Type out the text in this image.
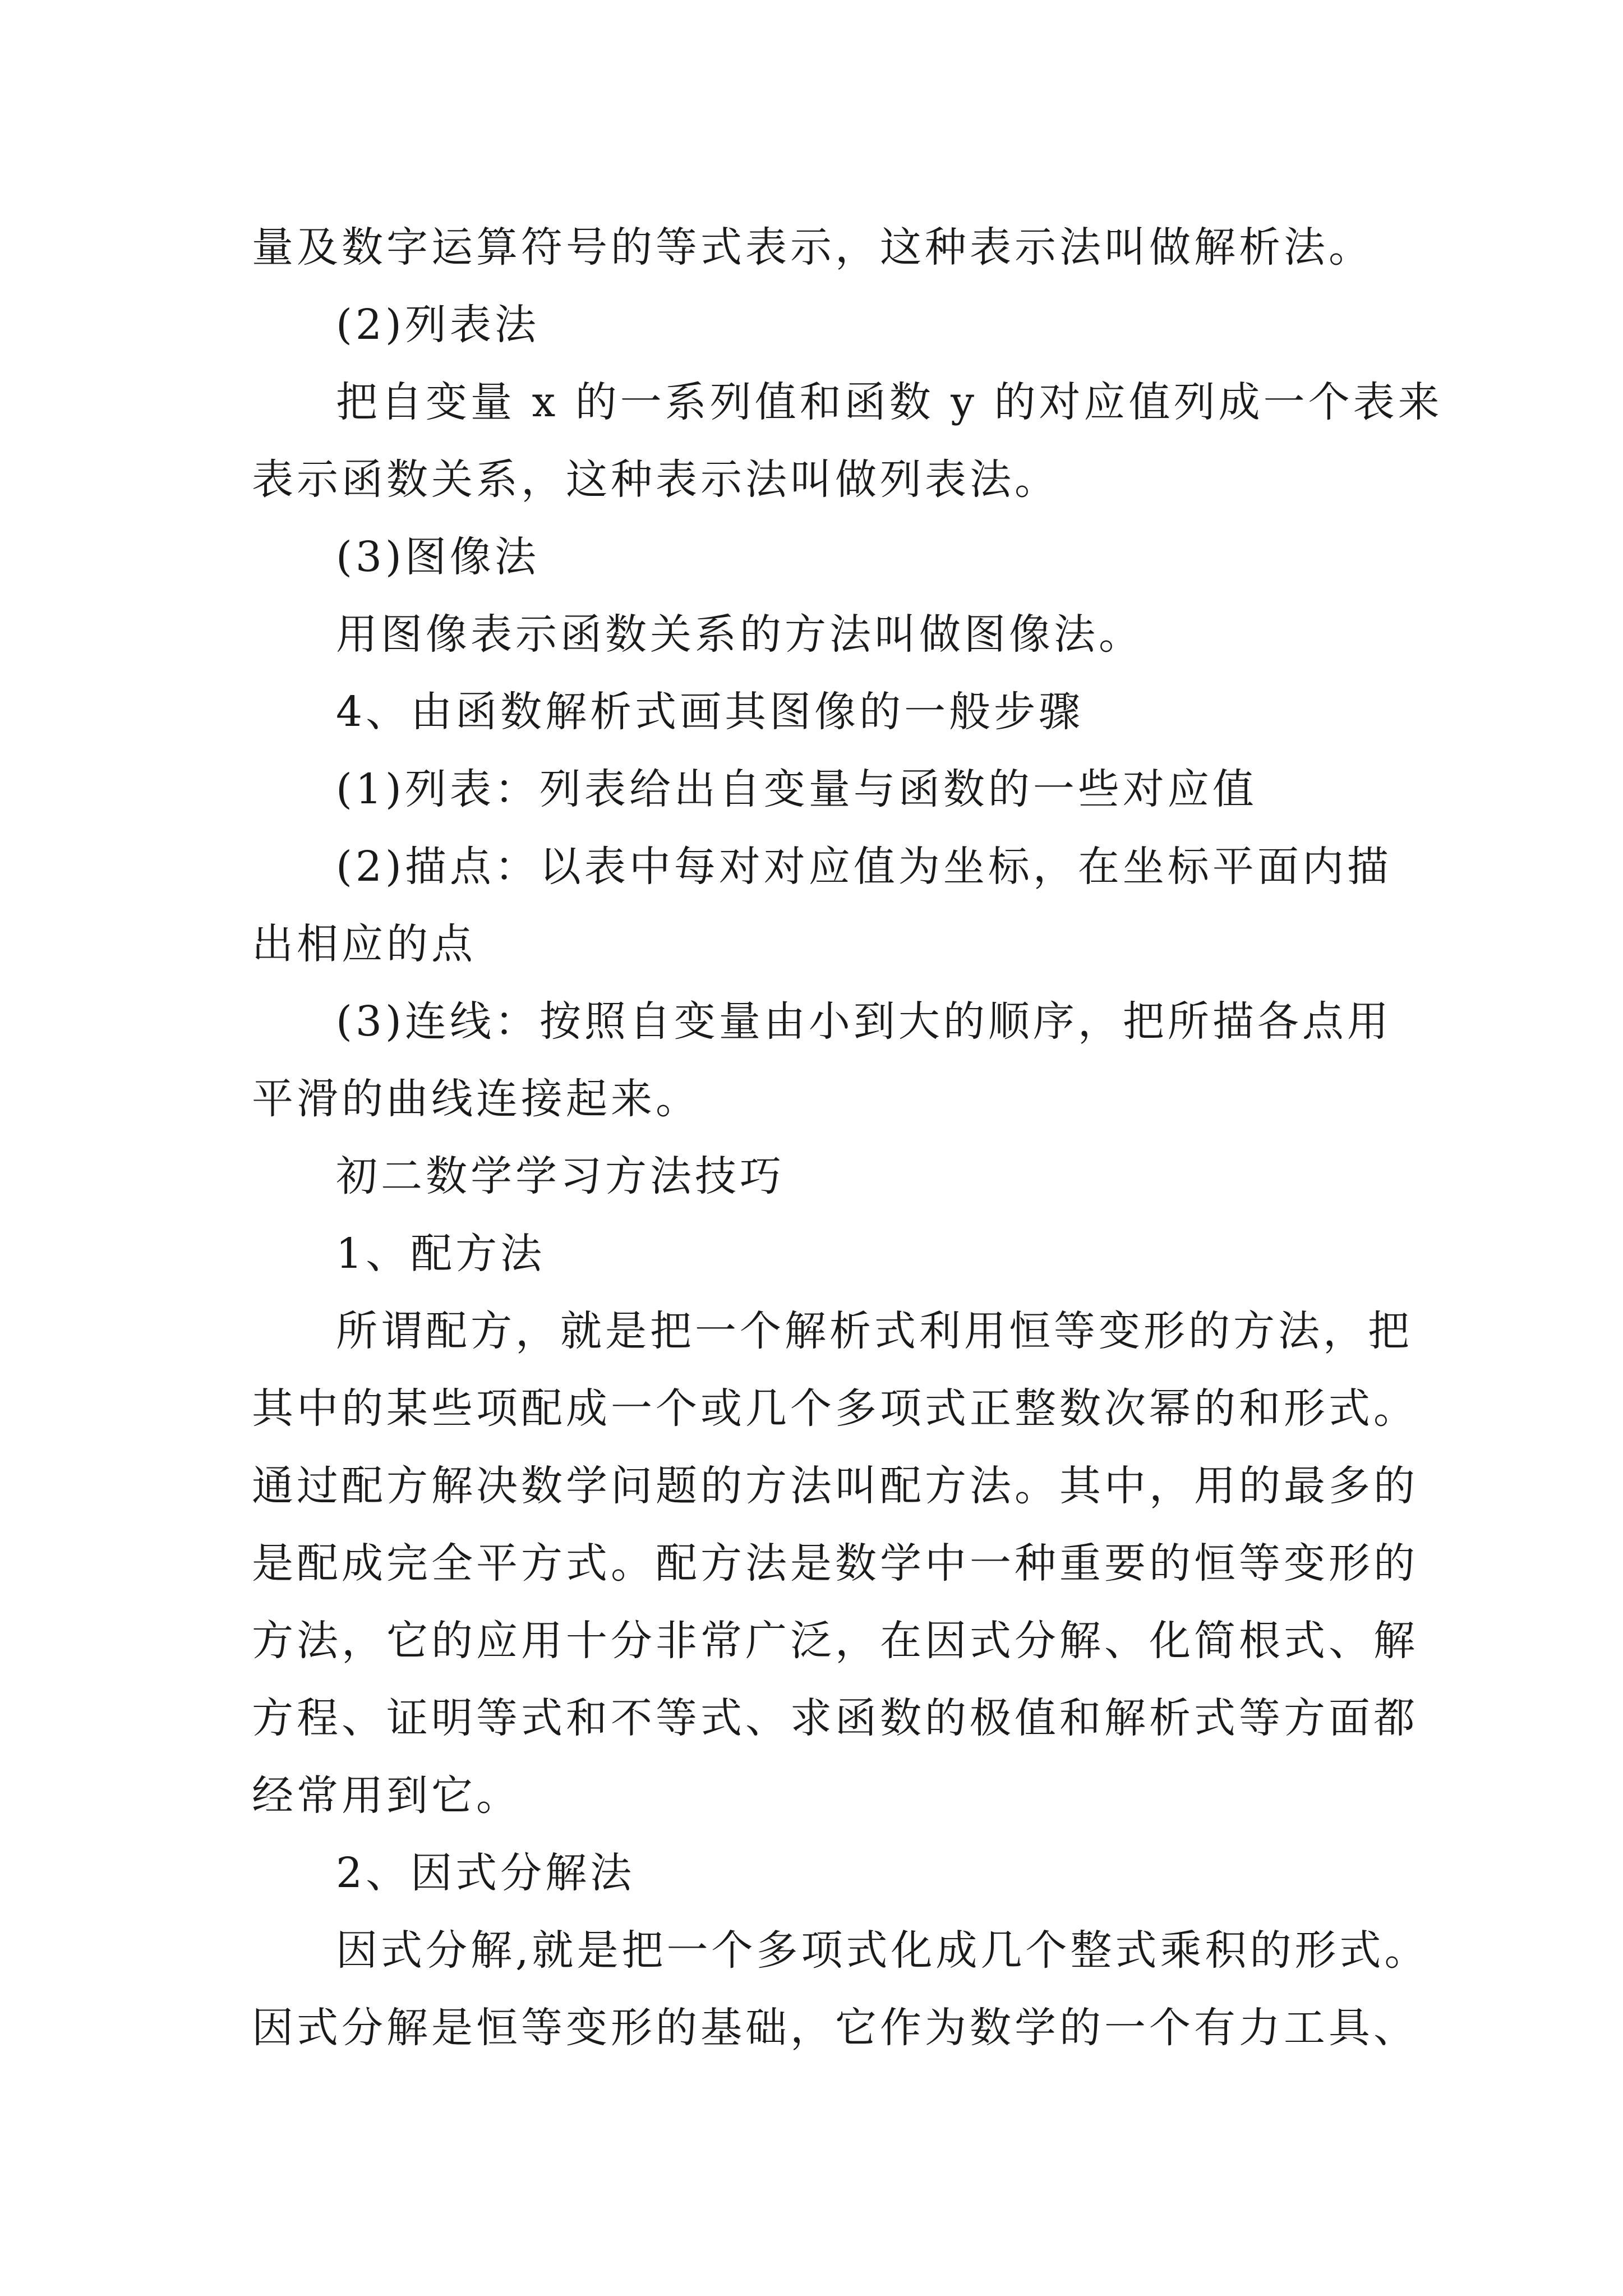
量及数字运算符号的等式表示，这种表示法叫做解析法。
(2)列表法
把自变量 x 的一系列值和函数 y 的对应值列成一个表来
表示函数关系，这种表示法叫做列表法。
(3)图像法
用图像表示函数关系的方法叫做图像法。
4、由函数解析式画其图像的一般步骤
(1)列表：列表给出自变量与函数的一些对应值
(2)描点：以表中每对对应值为坐标，在坐标平面内描
出相应的点
(3)连线：按照自变量由小到大的顺序，把所描各点用
平滑的曲线连接起来。
初二数学学习方法技巧
1、配方法
所谓配方，就是把一个解析式利用恒等变形的方法，把
其中的某些项配成一个或几个多项式正整数次幂的和形式。
通过配方解决数学问题的方法叫配方法。其中，用的最多的
是配成完全平方式。配方法是数学中一种重要的恒等变形的
方法，它的应用十分非常广泛，在因式分解、化简根式、解
方程、证明等式和不等式、求函数的极值和解析式等方面都
经常用到它。
2、因式分解法
因式分解,就是把一个多项式化成几个整式乘积的形式。
因式分解是恒等变形的基础，它作为数学的一个有力工具、
